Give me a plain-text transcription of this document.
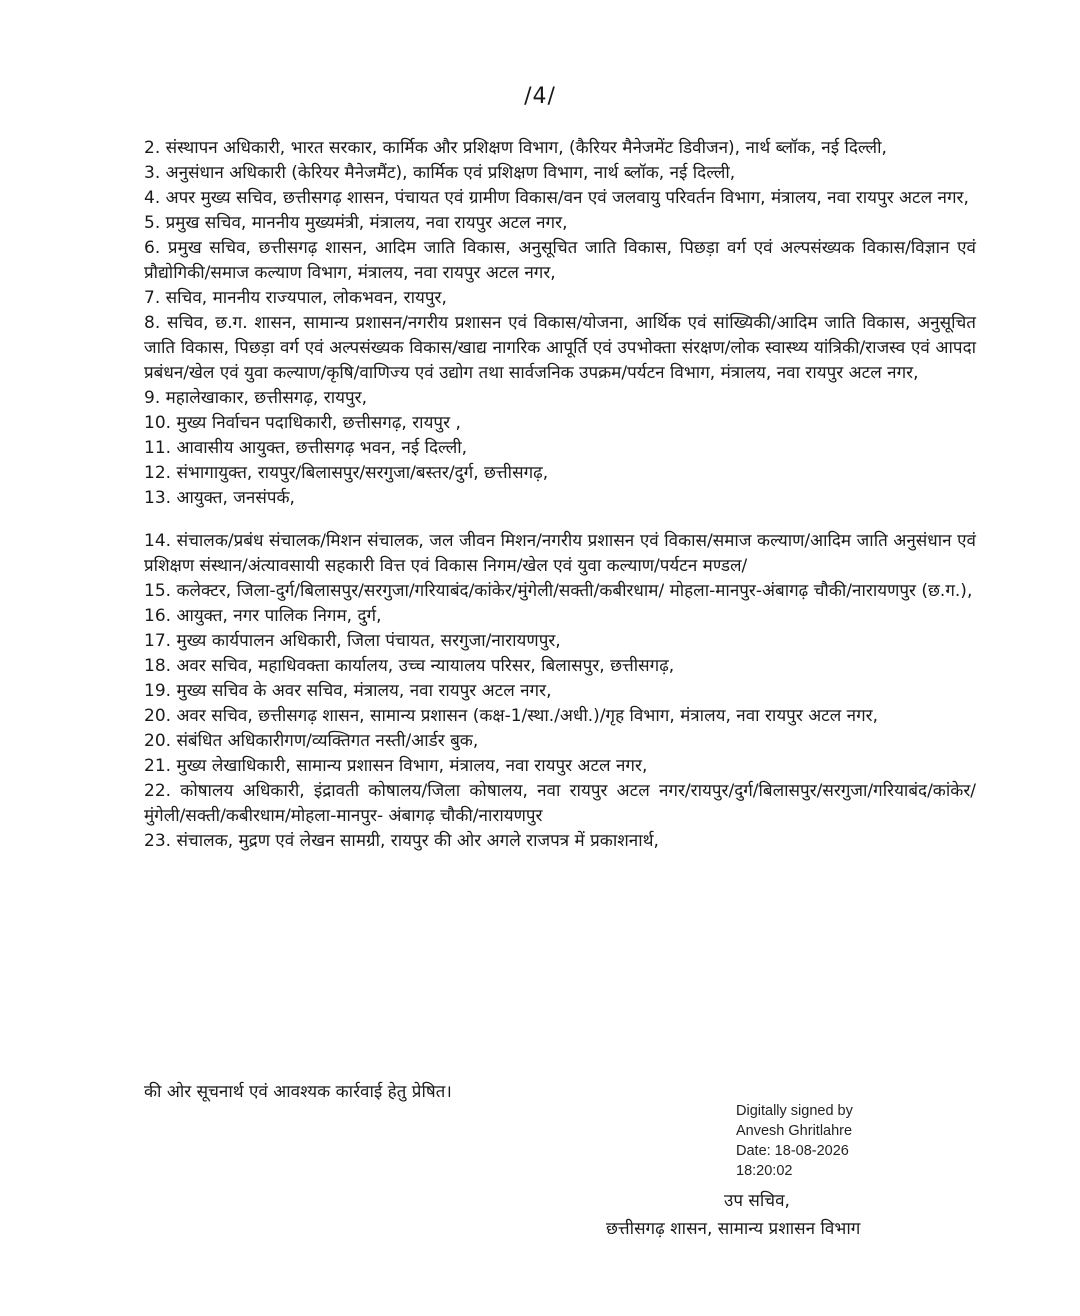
/4/

2. संस्थापन अधिकारी, भारत सरकार, कार्मिक और प्रशिक्षण विभाग, (कैरियर मैनेजमेंट डिवीजन), नार्थ ब्लॉक, नई दिल्ली,

3. अनुसंधान अधिकारी (केरियर मैनेजमैंट), कार्मिक एवं प्रशिक्षण विभाग, नार्थ ब्लॉक, नई दिल्ली,

4. अपर मुख्य सचिव, छत्तीसगढ़ शासन, पंचायत एवं ग्रामीण विकास/वन एवं जलवायु परिवर्तन विभाग, मंत्रालय, नवा रायपुर अटल नगर,

5. प्रमुख सचिव, माननीय मुख्यमंत्री, मंत्रालय, नवा रायपुर अटल नगर,

6. प्रमुख सचिव, छत्तीसगढ़ शासन, आदिम जाति विकास, अनुसूचित जाति विकास, पिछड़ा वर्ग एवं अल्पसंख्यक विकास/विज्ञान एवं प्रौद्योगिकी/समाज कल्याण विभाग, मंत्रालय, नवा रायपुर अटल नगर,

7. सचिव, माननीय राज्यपाल, लोकभवन, रायपुर,

8. सचिव, छ.ग. शासन, सामान्य प्रशासन/नगरीय प्रशासन एवं विकास/योजना, आर्थिक एवं सांख्यिकी/आदिम जाति विकास, अनुसूचित जाति विकास, पिछड़ा वर्ग एवं अल्पसंख्यक विकास/खाद्य नागरिक आपूर्ति एवं उपभोक्ता संरक्षण/लोक स्वास्थ्य यांत्रिकी/राजस्व एवं आपदा प्रबंधन/खेल एवं युवा कल्याण/कृषि/वाणिज्य एवं उद्योग तथा सार्वजनिक उपक्रम/पर्यटन विभाग, मंत्रालय, नवा रायपुर अटल नगर,

9. महालेखाकार, छत्तीसगढ़, रायपुर,

10. मुख्य निर्वाचन पदाधिकारी, छत्तीसगढ़, रायपुर ,

11. आवासीय आयुक्त, छत्तीसगढ़ भवन, नई दिल्ली,

12. संभागायुक्त, रायपुर/बिलासपुर/सरगुजा/बस्तर/दुर्ग, छत्तीसगढ़,

13. आयुक्त, जनसंपर्क,

14. संचालक/प्रबंध संचालक/मिशन संचालक, जल जीवन मिशन/नगरीय प्रशासन एवं विकास/समाज कल्याण/आदिम जाति अनुसंधान एवं प्रशिक्षण संस्थान/अंत्यावसायी सहकारी वित्त एवं विकास निगम/खेल एवं युवा कल्याण/पर्यटन मण्डल/

15. कलेक्टर, जिला-दुर्ग/बिलासपुर/सरगुजा/गरियाबंद/कांकेर/मुंगेली/सक्ती/कबीरधाम/ मोहला-मानपुर-अंबागढ़ चौकी/नारायणपुर (छ.ग.),

16. आयुक्त, नगर पालिक निगम, दुर्ग,

17. मुख्य कार्यपालन अधिकारी, जिला पंचायत, सरगुजा/नारायणपुर,

18. अवर सचिव, महाधिवक्ता कार्यालय, उच्च न्यायालय परिसर, बिलासपुर, छत्तीसगढ़,

19. मुख्य सचिव के अवर सचिव, मंत्रालय, नवा रायपुर अटल नगर,

20. अवर सचिव, छत्तीसगढ़ शासन, सामान्य प्रशासन (कक्ष-1/स्था./अधी.)/गृह विभाग, मंत्रालय, नवा रायपुर अटल नगर,

20. संबंधित अधिकारीगण/व्यक्तिगत नस्ती/आर्डर बुक,

21. मुख्य लेखाधिकारी, सामान्य प्रशासन विभाग, मंत्रालय, नवा रायपुर अटल नगर,

22. कोषालय अधिकारी, इंद्रावती कोषालय/जिला कोषालय, नवा रायपुर अटल नगर/रायपुर/दुर्ग/बिलासपुर/सरगुजा/गरियाबंद/कांकेर/मुंगेली/सक्ती/कबीरधाम/मोहला-मानपुर- अंबागढ़ चौकी/नारायणपुर

23. संचालक, मुद्रण एवं लेखन सामग्री, रायपुर की ओर अगले राजपत्र में प्रकाशनार्थ,

की ओर सूचनार्थ एवं आवश्यक कार्रवाई हेतु प्रेषित।
Digitally signed by
Anvesh Ghritlahre
Date: 18-08-2026
18:20:02
उप सचिव,
छत्तीसगढ़ शासन, सामान्य प्रशासन विभाग
